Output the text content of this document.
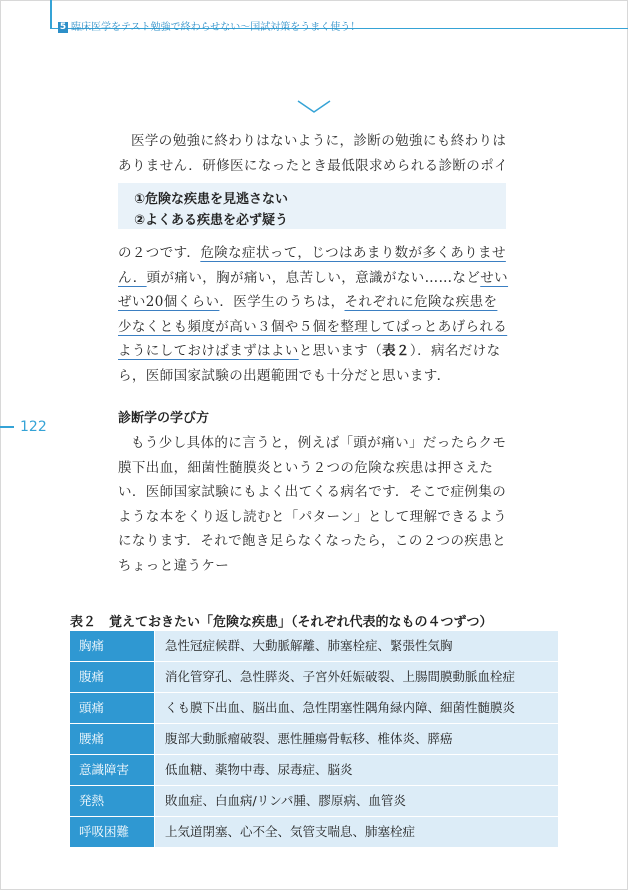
5 臨床医学をテスト勉強で終わらせない〜国試対策をうまく使う！
医学の勉強に終わりはないように，診断の勉強にも終わりはありません．研修医になったとき最低限求められる診断のポイ
①危険な疾患を見逃さない
②よくある疾患を必ず疑う
の２つです．危険な症状って，じつはあまり数が多くありません．頭が痛い，胸が痛い，息苦しい，意識がない……などせいぜい20個くらい．医学生のうちは，それぞれに危険な疾患を少なくとも頻度が高い３個や５個を整理してぱっとあげられるようにしておけばまずはよいと思います（表２）．病名だけなら，医師国家試験の出題範囲でも十分だと思います．
122
診断学の学び方
もう少し具体的に言うと，例えば「頭が痛い」だったらクモ膜下出血，細菌性髄膜炎という２つの危険な疾患は押さえたい．医師国家試験にもよく出てくる病名です．そこで症例集のような本をくり返し読むと「パターン」として理解できるようになります．それで飽き足らなくなったら，この２つの疾患とちょっと違うケー
表２　覚えておきたい「危険な疾患」（それぞれ代表的なもの４つずつ）
胸痛	急性冠症候群、大動脈解離、肺塞栓症、緊張性気胸
腹痛	消化管穿孔、急性膵炎、子宮外妊娠破裂、上腸間膜動脈血栓症
頭痛	くも膜下出血、脳出血、急性閉塞性隅角緑内障、細菌性髄膜炎
腰痛	腹部大動脈瘤破裂、悪性腫瘍骨転移、椎体炎、膵癌
意識障害	低血糖、薬物中毒、尿毒症、脳炎
発熱	敗血症、白血病/リンパ腫、膠原病、血管炎
呼吸困難	上気道閉塞、心不全、気管支喘息、肺塞栓症
